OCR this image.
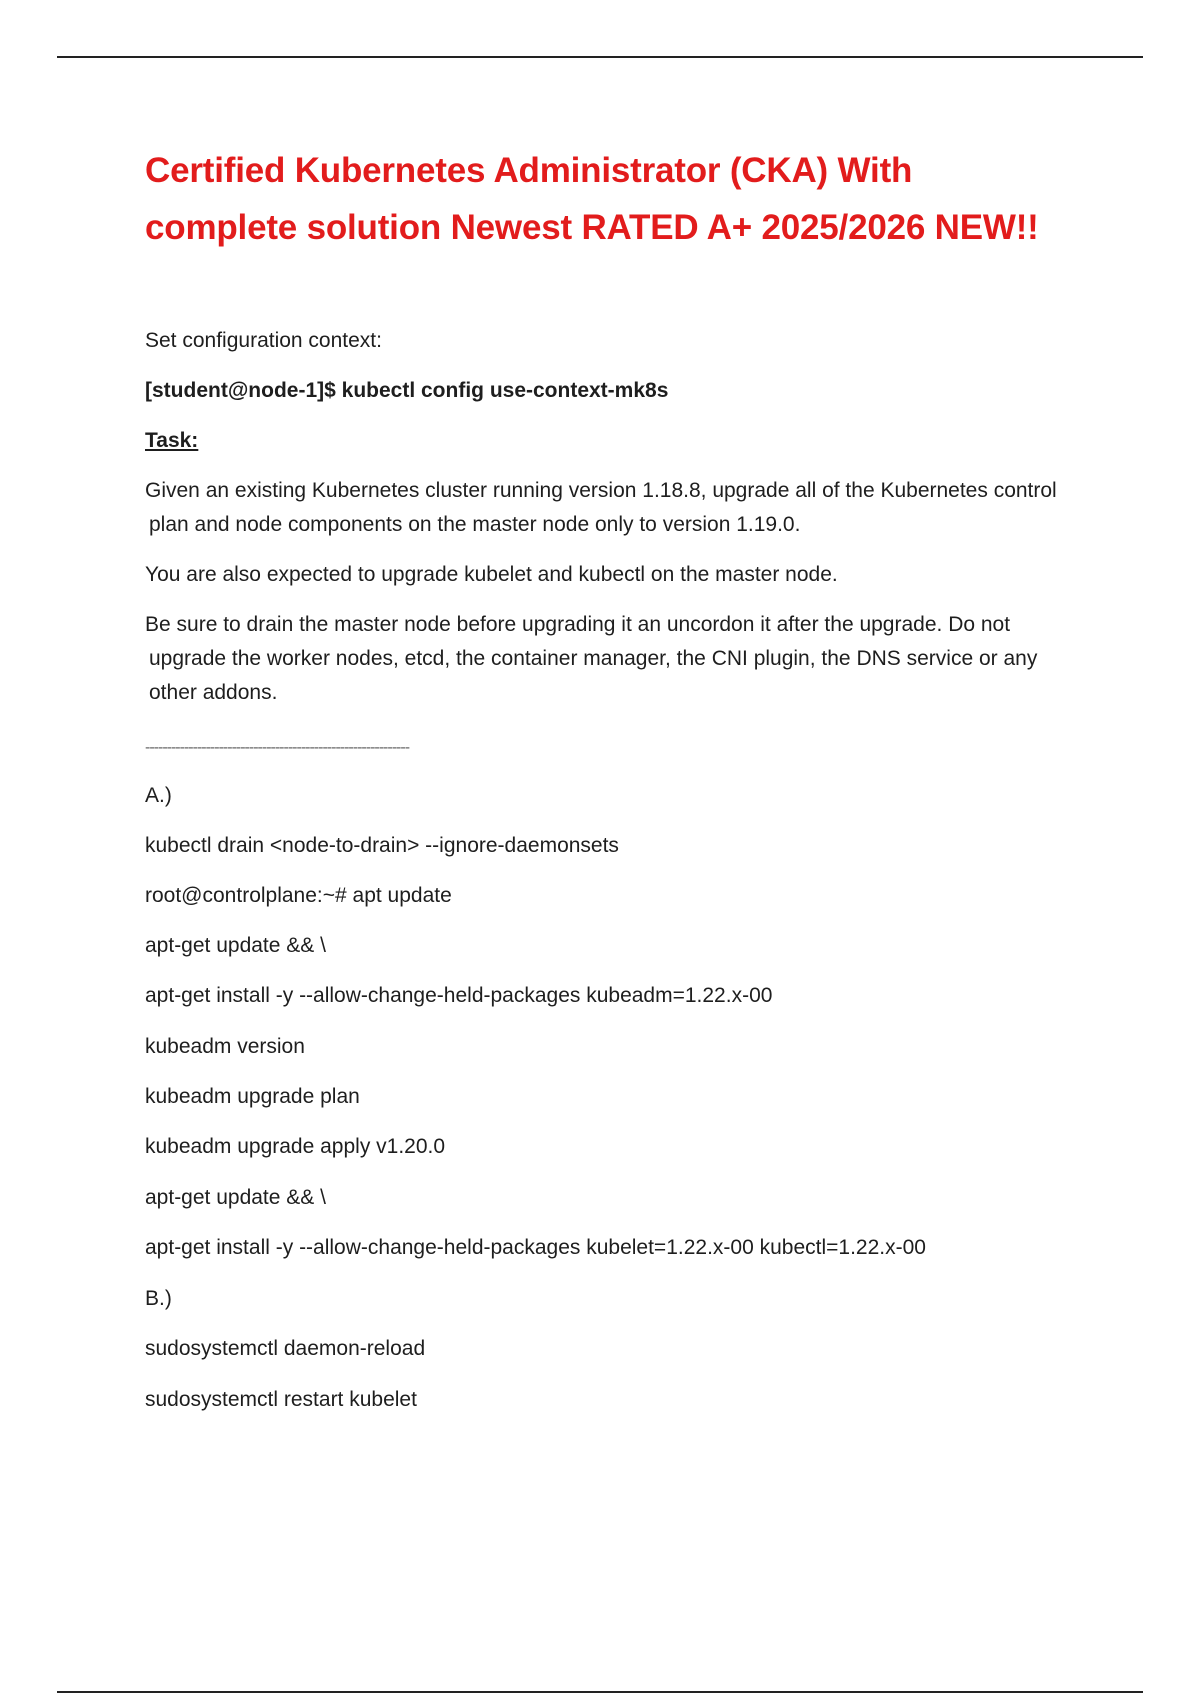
Certified Kubernetes Administrator (CKA) With
complete solution Newest RATED A+ 2025/2026 NEW!!

Set configuration context:

[student@node-1]$ kubectl config use-context-mk8s

Task:

Given an existing Kubernetes cluster running version 1.18.8, upgrade all of the Kubernetes control

plan and node components on the master node only to version 1.19.0.

You are also expected to upgrade kubelet and kubectl on the master node.

Be sure to drain the master node before upgrading it an uncordon it after the upgrade. Do not

upgrade the worker nodes, etcd, the container manager, the CNI plugin, the DNS service or any
other addons.

-------------------------------------------------------------

A.)

kubectl drain <node-to-drain> --ignore-daemonsets

root@controlplane:~# apt update

apt-get update && \

apt-get install -y --allow-change-held-packages kubeadm=1.22.x-00

kubeadm version

kubeadm upgrade plan

kubeadm upgrade apply v1.20.0

apt-get update && \

apt-get install -y --allow-change-held-packages kubelet=1.22.x-00 kubectl=1.22.x-00

B.)

sudosystemctl daemon-reload

sudosystemctl restart kubelet
